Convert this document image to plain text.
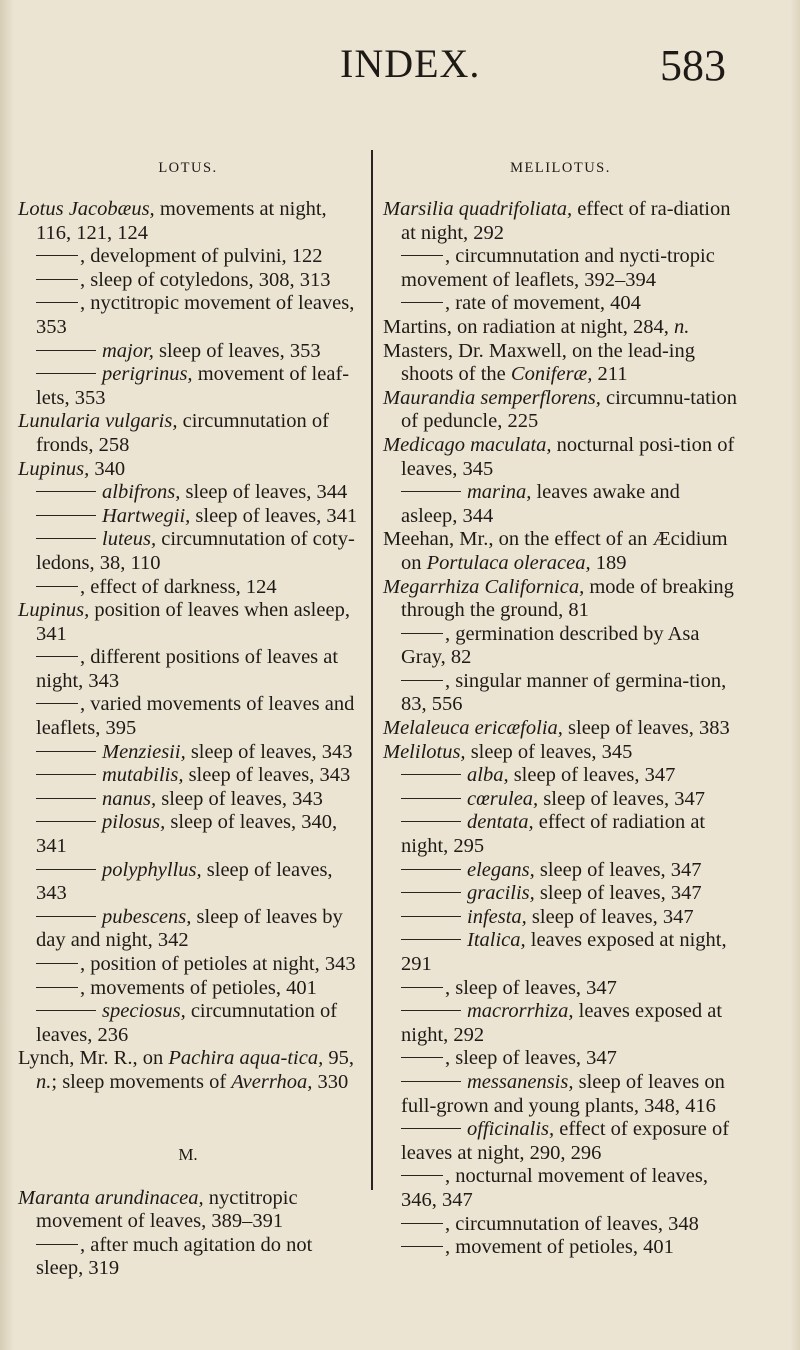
INDEX.	583
LOTUS.
Lotus Jacobæus, movements at night, 116, 121, 124
, development of pulvini, 122
, sleep of cotyledons, 308, 313
, nyctitropic movement of leaves, 353
major, sleep of leaves, 353
perigrinus, movement of leaf-lets, 353
Lunularia vulgaris, circumnutation of fronds, 258
Lupinus, 340
albifrons, sleep of leaves, 344
Hartwegii, sleep of leaves, 341
luteus, circumnutation of coty-ledons, 38, 110
, effect of darkness, 124
Lupinus, position of leaves when asleep, 341
, different positions of leaves at night, 343
, varied movements of leaves and leaflets, 395
Menziesii, sleep of leaves, 343
mutabilis, sleep of leaves, 343
nanus, sleep of leaves, 343
pilosus, sleep of leaves, 340, 341
polyphyllus, sleep of leaves, 343
pubescens, sleep of leaves by day and night, 342
, position of petioles at night, 343
, movements of petioles, 401
speciosus, circumnutation of leaves, 236
Lynch, Mr. R., on Pachira aqua-tica, 95, n.; sleep movements of Averrhoa, 330
M.
Maranta arundinacea, nyctitropic movement of leaves, 389–391
, after much agitation do not sleep, 319
MELILOTUS.
Marsilia quadrifoliata, effect of ra-diation at night, 292
, circumnutation and nycti-tropic movement of leaflets, 392–394
, rate of movement, 404
Martins, on radiation at night, 284, n.
Masters, Dr. Maxwell, on the lead-ing shoots of the Coniferæ, 211
Maurandia semperflorens, circumnu-tation of peduncle, 225
Medicago maculata, nocturnal posi-tion of leaves, 345
marina, leaves awake and asleep, 344
Meehan, Mr., on the effect of an Æcidium on Portulaca oleracea, 189
Megarrhiza Californica, mode of breaking through the ground, 81
, germination described by Asa Gray, 82
, singular manner of germina-tion, 83, 556
Melaleuca ericæfolia, sleep of leaves, 383
Melilotus, sleep of leaves, 345
alba, sleep of leaves, 347
cœrulea, sleep of leaves, 347
dentata, effect of radiation at night, 295
elegans, sleep of leaves, 347
gracilis, sleep of leaves, 347
infesta, sleep of leaves, 347
Italica, leaves exposed at night, 291
, sleep of leaves, 347
macrorrhiza, leaves exposed at night, 292
, sleep of leaves, 347
messanensis, sleep of leaves on full-grown and young plants, 348, 416
officinalis, effect of exposure of leaves at night, 290, 296
, nocturnal movement of leaves, 346, 347
, circumnutation of leaves, 348
, movement of petioles, 401
